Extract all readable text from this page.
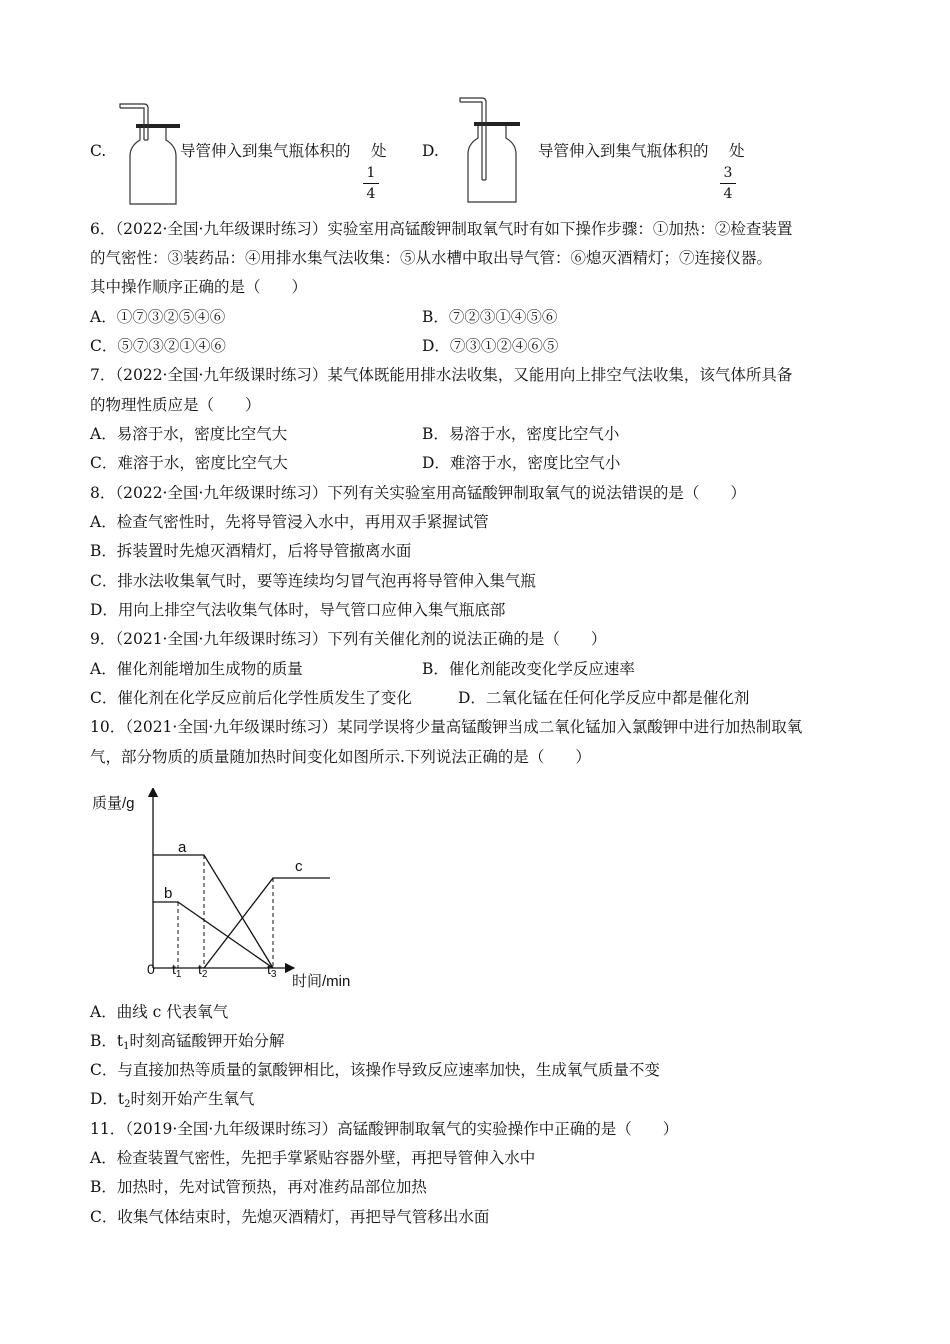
C.	导管伸入到集气瓶体积的　 处
1
4
D.	导管伸入到集气瓶体积的　 处
3
4
6．（2022·全国·九年级课时练习）实验室用高锰酸钾制取氧气时有如下操作步骤：①加热：②检查装置
的气密性：③装药品：④用排水集气法收集：⑤从水槽中取出导气管：⑥熄灭酒精灯；⑦连接仪器。
其中操作顺序正确的是（　　）
A．①⑦③②⑤④⑥	B．⑦②③①④⑤⑥
C．⑤⑦③②①④⑥	D．⑦③①②④⑥⑤
7．（2022·全国·九年级课时练习）某气体既能用排水法收集，又能用向上排空气法收集，该气体所具备
的物理性质应是（　　）
A．易溶于水，密度比空气大	B．易溶于水，密度比空气小
C．难溶于水，密度比空气大	D．难溶于水，密度比空气小
8．（2022·全国·九年级课时练习）下列有关实验室用高锰酸钾制取氧气的说法错误的是（　　）
A．检查气密性时，先将导管浸入水中，再用双手紧握试管
B．拆装置时先熄灭酒精灯，后将导管撤离水面
C．排水法收集氧气时，要等连续均匀冒气泡再将导管伸入集气瓶
D．用向上排空气法收集气体时，导气管口应伸入集气瓶底部
9．（2021·全国·九年级课时练习）下列有关催化剂的说法正确的是（　　）
A．催化剂能增加生成物的质量	B．催化剂能改变化学反应速率
C．催化剂在化学反应前后化学性质发生了变化	D．二氧化锰在任何化学反应中都是催化剂
10．（2021·全国·九年级课时练习）某同学误将少量高锰酸钾当成二氧化锰加入氯酸钾中进行加热制取氧
气，部分物质的质量随加热时间变化如图所示.下列说法正确的是（　　）
质量/g
时间/min
0
a
b
c
$t_1$ $t_2$	$t_3$
A．曲线 c 代表氧气
B．$t_1$时刻高锰酸钾开始分解
C．与直接加热等质量的氯酸钾相比，该操作导致反应速率加快，生成氧气质量不变
D．$t_2$时刻开始产生氧气
11．（2019·全国·九年级课时练习）高锰酸钾制取氧气的实验操作中正确的是（　　）
A．检查装置气密性，先把手掌紧贴容器外壁，再把导管伸入水中
B．加热时，先对试管预热，再对准药品部位加热
C．收集气体结束时，先熄灭酒精灯，再把导气管移出水面
